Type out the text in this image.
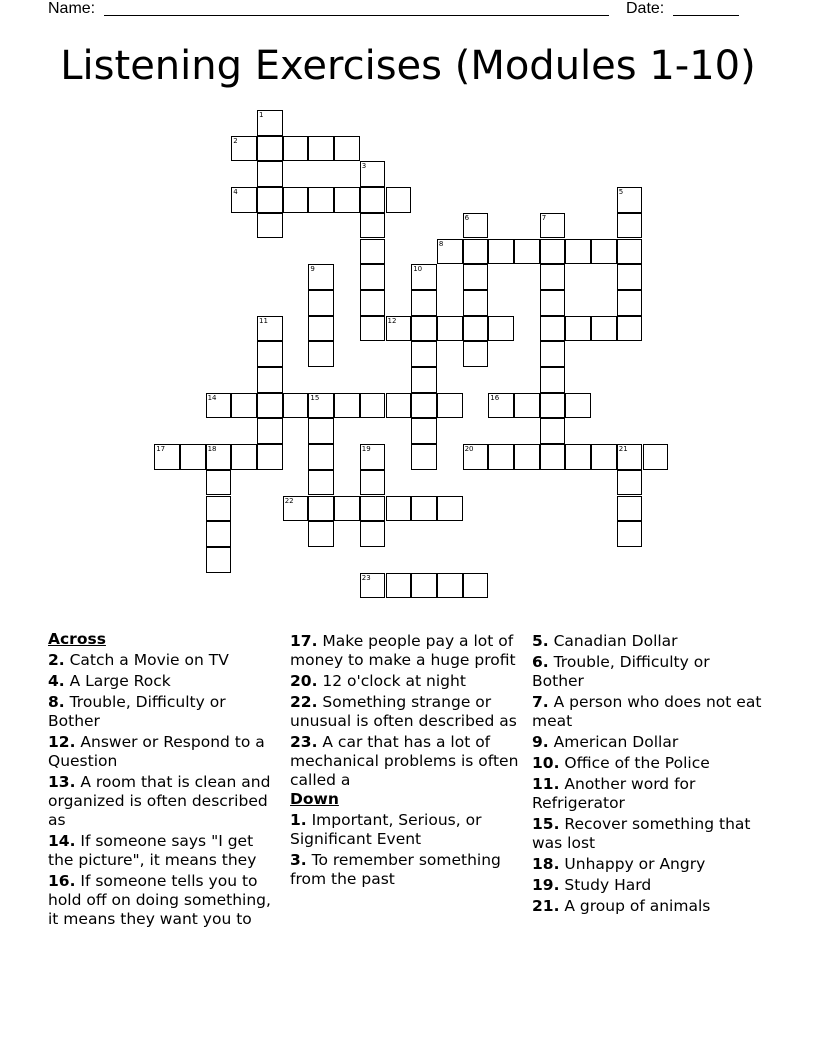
Name:	Date:
Listening Exercises (Modules 1-10)
1
2
3
4	5
6	7
8
9	10
11	12
14	15	16
17	18	19	20	21
22
23
Across
2. Catch a Movie on TV
4. A Large Rock
8. Trouble, Difficulty or Bother
12. Answer or Respond to a Question
13. A room that is clean and organized is often described as
14. If someone says "I get the picture", it means they
16. If someone tells you to hold off on doing something, it means they want you to
17. Make people pay a lot of money to make a huge profit
20. 12 o'clock at night
22. Something strange or unusual is often described as
23. A car that has a lot of mechanical problems is often called a
Down
1. Important, Serious, or Significant Event
3. To remember something from the past
5. Canadian Dollar
6. Trouble, Difficulty or Bother
7. A person who does not eat meat
9. American Dollar
10. Office of the Police
11. Another word for Refrigerator
15. Recover something that was lost
18. Unhappy or Angry
19. Study Hard
21. A group of animals
